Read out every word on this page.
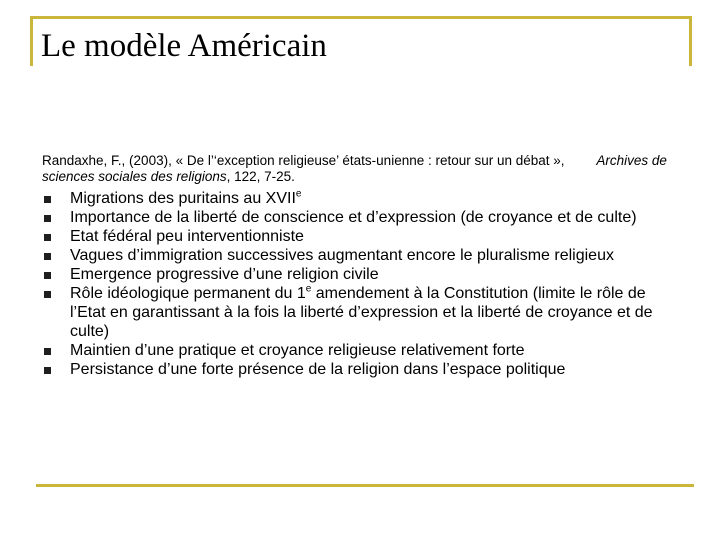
Le modèle Américain
Randaxhe, F., (2003), « De l’‘exception religieuse’ états-unienne : retour sur un débat », Archives de sciences sociales des religions, 122, 7-25.
Migrations des puritains au XVIIe
Importance de la liberté de conscience et d’expression (de croyance et de culte)
Etat fédéral peu interventionniste
Vagues d’immigration successives augmentant encore le pluralisme religieux
Emergence progressive d’une religion civile
Rôle idéologique permanent du 1e amendement à la Constitution (limite le rôle de l’Etat en garantissant à la fois la liberté d’expression et la liberté de croyance et de culte)
Maintien d’une pratique et croyance religieuse relativement forte
Persistance d’une forte présence de la religion dans l’espace politique
